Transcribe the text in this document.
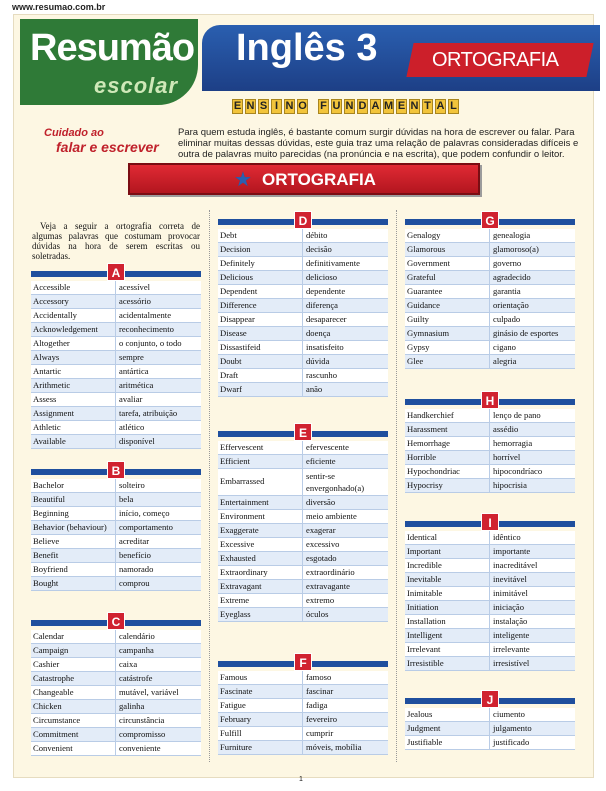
www.resumao.com.br
Resumão
escolar
Inglês 3	ORTOGRAFIA
E N S I N O F U N D A M E N T A L
Cuidado ao
falar e escrever
Para quem estuda inglês, é bastante comum surgir dúvidas na hora de escrever ou falar. Para eliminar muitas dessas dúvidas, este guia traz uma relação de palavras consideradas difíceis e outra de palavras muito parecidas (na pronúncia e na escrita), que podem confundir o leitor.
★ ORTOGRAFIA
Veja a seguir a ortografia correta de algumas palavras que costumam provocar dúvidas na hora de serem escritas ou soletradas.
A
Accessible	acessível
Accessory	acessório
Accidentally	acidentalmente
Acknowledgement	reconhecimento
Altogether	o conjunto, o todo
Always	sempre
Antartic	antártica
Arithmetic	aritmética
Assess	avaliar
Assignment	tarefa, atribuição
Athletic	atlético
Available	disponível
B
Bachelor	solteiro
Beautiful	bela
Beginning	início, começo
Behavior (behaviour)	comportamento
Believe	acreditar
Benefit	benefício
Boyfriend	namorado
Bought	comprou
C
Calendar	calendário
Campaign	campanha
Cashier	caixa
Catastrophe	catástrofe
Changeable	mutável, variável
Chicken	galinha
Circumstance	circunstância
Commitment	compromisso
Convenient	conveniente
D
Debt	débito
Decision	decisão
Definitely	definitivamente
Delicious	delicioso
Dependent	dependente
Difference	diferença
Disappear	desaparecer
Disease	doença
Dissastifeid	insatisfeito
Doubt	dúvida
Draft	rascunho
Dwarf	anão
E
Effervescent	efervescente
Efficient	eficiente
Embarrassed	sentir-se envergonhado(a)
Entertainment	diversão
Environment	meio ambiente
Exaggerate	exagerar
Excessive	excessivo
Exhausted	esgotado
Extraordinary	extraordinário
Extravagant	extravagante
Extreme	extremo
Eyeglass	óculos
F
Famous	famoso
Fascinate	fascinar
Fatigue	fadiga
February	fevereiro
Fulfill	cumprir
Furniture	móveis, mobília
G
Genalogy	genealogia
Glamorous	glamoroso(a)
Government	governo
Grateful	agradecido
Guarantee	garantia
Guidance	orientação
Guilty	culpado
Gymnasium	ginásio de esportes
Gypsy	cigano
Glee	alegria
H
Handkerchief	lenço de pano
Harassment	assédio
Hemorrhage	hemorragia
Horrible	horrível
Hypochondriac	hipocondríaco
Hypocrisy	hipocrisia
I
Identical	idêntico
Important	importante
Incredible	inacreditável
Inevitable	inevitável
Inimitable	inimitável
Initiation	iniciação
Installation	instalação
Intelligent	inteligente
Irrelevant	irrelevante
Irresistible	irresistível
J
Jealous	ciumento
Judgment	julgamento
Justifiable	justificado
1
